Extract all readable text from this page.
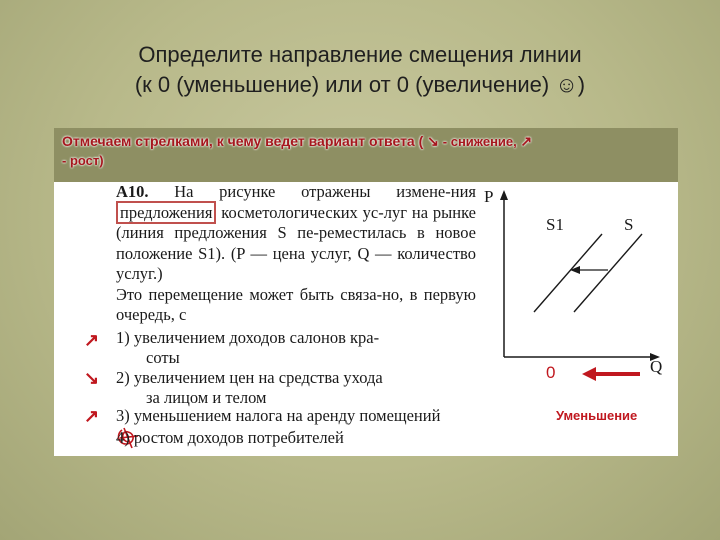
Определите направление смещения линии
(к 0 (уменьшение) или от 0 (увеличение) ☺)
Отмечаем стрелками, к чему ведет вариант ответа ( ↘ - снижение, ↗
- рост)
А10. На рисунке отражены измене-ния предложения косметологических ус-луг на рынке (линия предложения S пе-реместилась в новое положение S1). (P — цена услуг, Q — количество услуг.)
Это перемещение может быть связа-но, в первую очередь, с
↗ 1) увеличением доходов салонов кра-
соты
↘ 2) увеличением цен на средства ухода
за лицом и телом
↗ 3) уменьшением налога на аренду помещений
4) ростом доходов потребителей
P
Q
S1	S
0
Уменьшение
